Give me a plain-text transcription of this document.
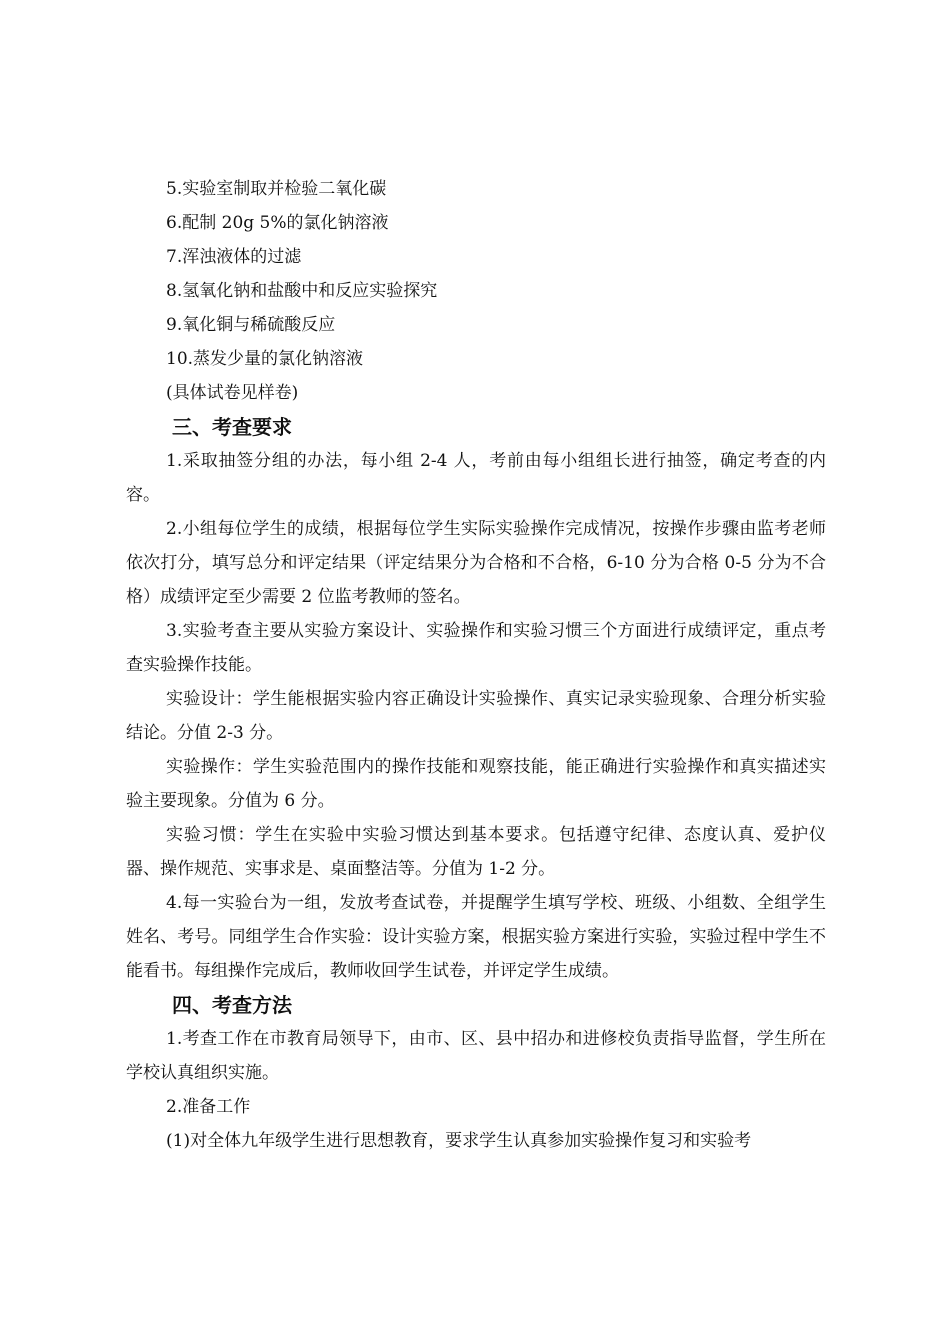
5.实验室制取并检验二氧化碳

6.配制 20g 5%的氯化钠溶液

7.浑浊液体的过滤

8.氢氧化钠和盐酸中和反应实验探究

9.氧化铜与稀硫酸反应

10.蒸发少量的氯化钠溶液

(具体试卷见样卷)

三、考查要求

1.采取抽签分组的办法，每小组 2-4 人，考前由每小组组长进行抽签，确定考查的内容。

2.小组每位学生的成绩，根据每位学生实际实验操作完成情况，按操作步骤由监考老师依次打分，填写总分和评定结果（评定结果分为合格和不合格，6-10 分为合格 0-5 分为不合格）成绩评定至少需要 2 位监考教师的签名。

3.实验考查主要从实验方案设计、实验操作和实验习惯三个方面进行成绩评定，重点考查实验操作技能。

实验设计：学生能根据实验内容正确设计实验操作、真实记录实验现象、合理分析实验结论。分值 2-3 分。

实验操作：学生实验范围内的操作技能和观察技能，能正确进行实验操作和真实描述实验主要现象。分值为 6 分。

实验习惯：学生在实验中实验习惯达到基本要求。包括遵守纪律、态度认真、爱护仪器、操作规范、实事求是、桌面整洁等。分值为 1-2 分。

4.每一实验台为一组，发放考查试卷，并提醒学生填写学校、班级、小组数、全组学生姓名、考号。同组学生合作实验：设计实验方案，根据实验方案进行实验，实验过程中学生不能看书。每组操作完成后，教师收回学生试卷，并评定学生成绩。

四、考查方法

1.考查工作在市教育局领导下，由市、区、县中招办和进修校负责指导监督，学生所在学校认真组织实施。

2.准备工作

(1)对全体九年级学生进行思想教育，要求学生认真参加实验操作复习和实验考
